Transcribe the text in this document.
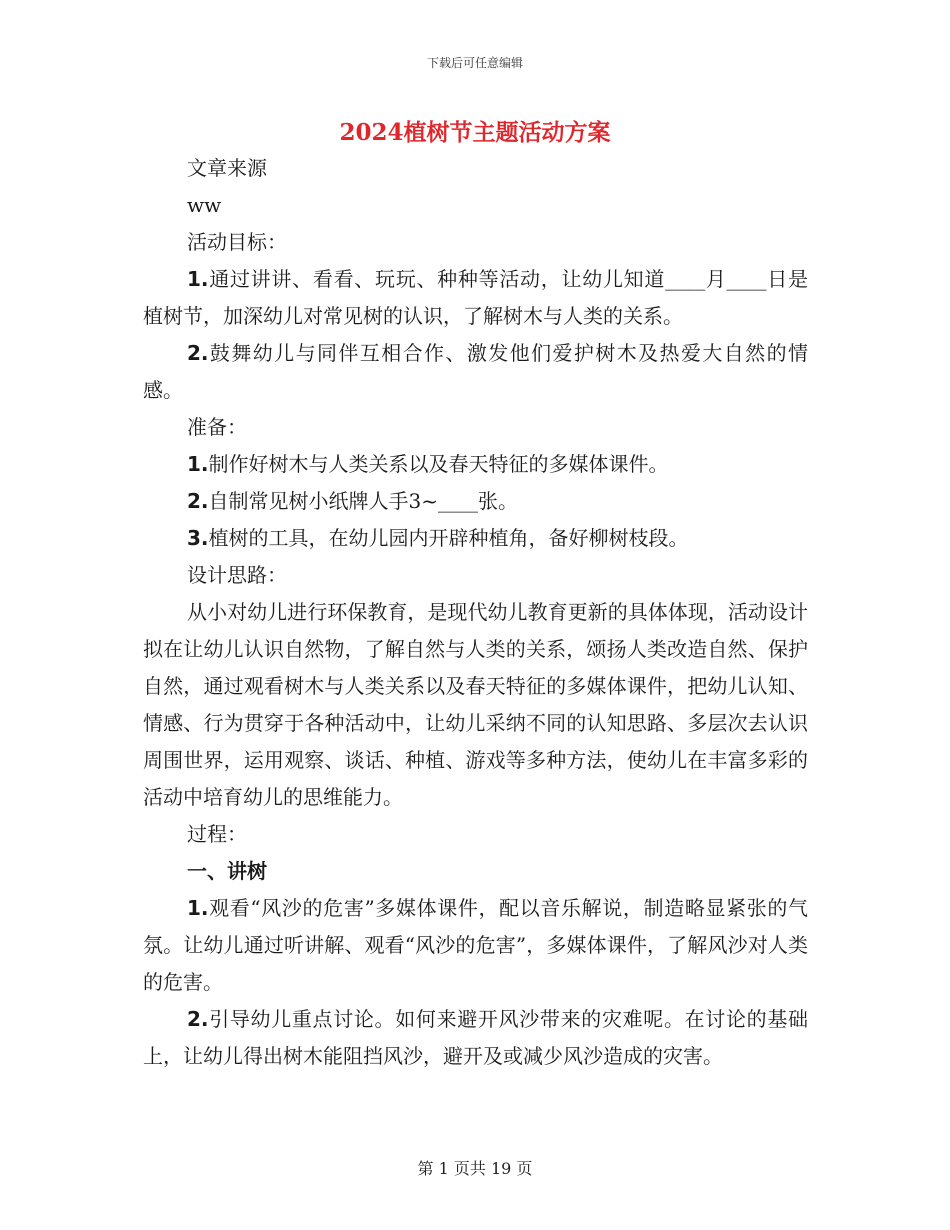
下载后可任意编辑
2024植树节主题活动方案

文章来源

ww

活动目标：

1.通过讲讲、看看、玩玩、种种等活动，让幼儿知道____月____日是植树节，加深幼儿对常见树的认识，了解树木与人类的关系。

2.鼓舞幼儿与同伴互相合作、激发他们爱护树木及热爱大自然的情感。

准备：

1.制作好树木与人类关系以及春天特征的多媒体课件。

2.自制常见树小纸牌人手3~____张。

3.植树的工具，在幼儿园内开辟种植角，备好柳树枝段。

设计思路：

从小对幼儿进行环保教育，是现代幼儿教育更新的具体体现，活动设计拟在让幼儿认识自然物，了解自然与人类的关系，颂扬人类改造自然、保护自然，通过观看树木与人类关系以及春天特征的多媒体课件，把幼儿认知、情感、行为贯穿于各种活动中，让幼儿采纳不同的认知思路、多层次去认识周围世界，运用观察、谈话、种植、游戏等多种方法，使幼儿在丰富多彩的活动中培育幼儿的思维能力。

过程：

一、讲树

1.观看“风沙的危害”多媒体课件，配以音乐解说，制造略显紧张的气氛。让幼儿通过听讲解、观看“风沙的危害”，多媒体课件，了解风沙对人类的危害。

2.引导幼儿重点讨论。如何来避开风沙带来的灾难呢。在讨论的基础上，让幼儿得出树木能阻挡风沙，避开及或减少风沙造成的灾害。

第 1 页共 19 页
